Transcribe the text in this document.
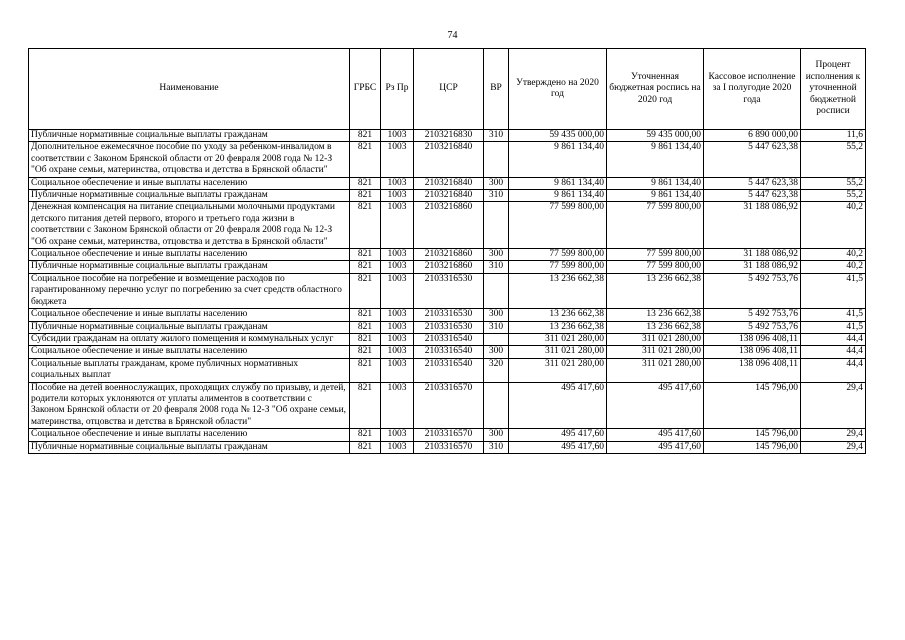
74
Наименование	ГРБС	Рз Пр	ЦСР	ВР	Утверждено на 2020 год	Уточненная бюджетная роспись на 2020 год	Кассовое исполнение за I полугодие 2020 года	Процент исполнения к уточненной бюджетной росписи
Публичные нормативные социальные выплаты гражданам	821	1003	2103216830	310	59 435 000,00	59 435 000,00	6 890 000,00	11,6
Дополнительное ежемесячное пособие по уходу за ребенком-инвалидом в соответствии с Законом Брянской области от 20 февраля 2008 года № 12-З "Об охране семьи, материнства, отцовства и детства в Брянской области"	821	1003	2103216840		9 861 134,40	9 861 134,40	5 447 623,38	55,2
Социальное обеспечение и иные выплаты населению	821	1003	2103216840	300	9 861 134,40	9 861 134,40	5 447 623,38	55,2
Публичные нормативные социальные выплаты гражданам	821	1003	2103216840	310	9 861 134,40	9 861 134,40	5 447 623,38	55,2
Денежная компенсация на питание специальными молочными продуктами детского питания детей первого, второго и третьего года жизни в соответствии с Законом Брянской области от 20 февраля 2008 года № 12-З "Об охране семьи, материнства, отцовства и детства в Брянской области"	821	1003	2103216860		77 599 800,00	77 599 800,00	31 188 086,92	40,2
Социальное обеспечение и иные выплаты населению	821	1003	2103216860	300	77 599 800,00	77 599 800,00	31 188 086,92	40,2
Публичные нормативные социальные выплаты гражданам	821	1003	2103216860	310	77 599 800,00	77 599 800,00	31 188 086,92	40,2
Социальное пособие на погребение и возмещение расходов по гарантированному перечню услуг по погребению за счет средств областного бюджета	821	1003	2103316530		13 236 662,38	13 236 662,38	5 492 753,76	41,5
Социальное обеспечение и иные выплаты населению	821	1003	2103316530	300	13 236 662,38	13 236 662,38	5 492 753,76	41,5
Публичные нормативные социальные выплаты гражданам	821	1003	2103316530	310	13 236 662,38	13 236 662,38	5 492 753,76	41,5
Субсидии гражданам на оплату жилого помещения и коммунальных услуг	821	1003	2103316540		311 021 280,00	311 021 280,00	138 096 408,11	44,4
Социальное обеспечение и иные выплаты населению	821	1003	2103316540	300	311 021 280,00	311 021 280,00	138 096 408,11	44,4
Социальные выплаты гражданам, кроме публичных нормативных социальных выплат	821	1003	2103316540	320	311 021 280,00	311 021 280,00	138 096 408,11	44,4
Пособие на детей военнослужащих, проходящих службу по призыву, и детей, родители которых уклоняются от уплаты алиментов в соответствии с Законом Брянской области от 20 февраля 2008 года № 12-З "Об охране семьи, материнства, отцовства и детства в Брянской области"	821	1003	2103316570		495 417,60	495 417,60	145 796,00	29,4
Социальное обеспечение и иные выплаты населению	821	1003	2103316570	300	495 417,60	495 417,60	145 796,00	29,4
Публичные нормативные социальные выплаты гражданам	821	1003	2103316570	310	495 417,60	495 417,60	145 796,00	29,4
